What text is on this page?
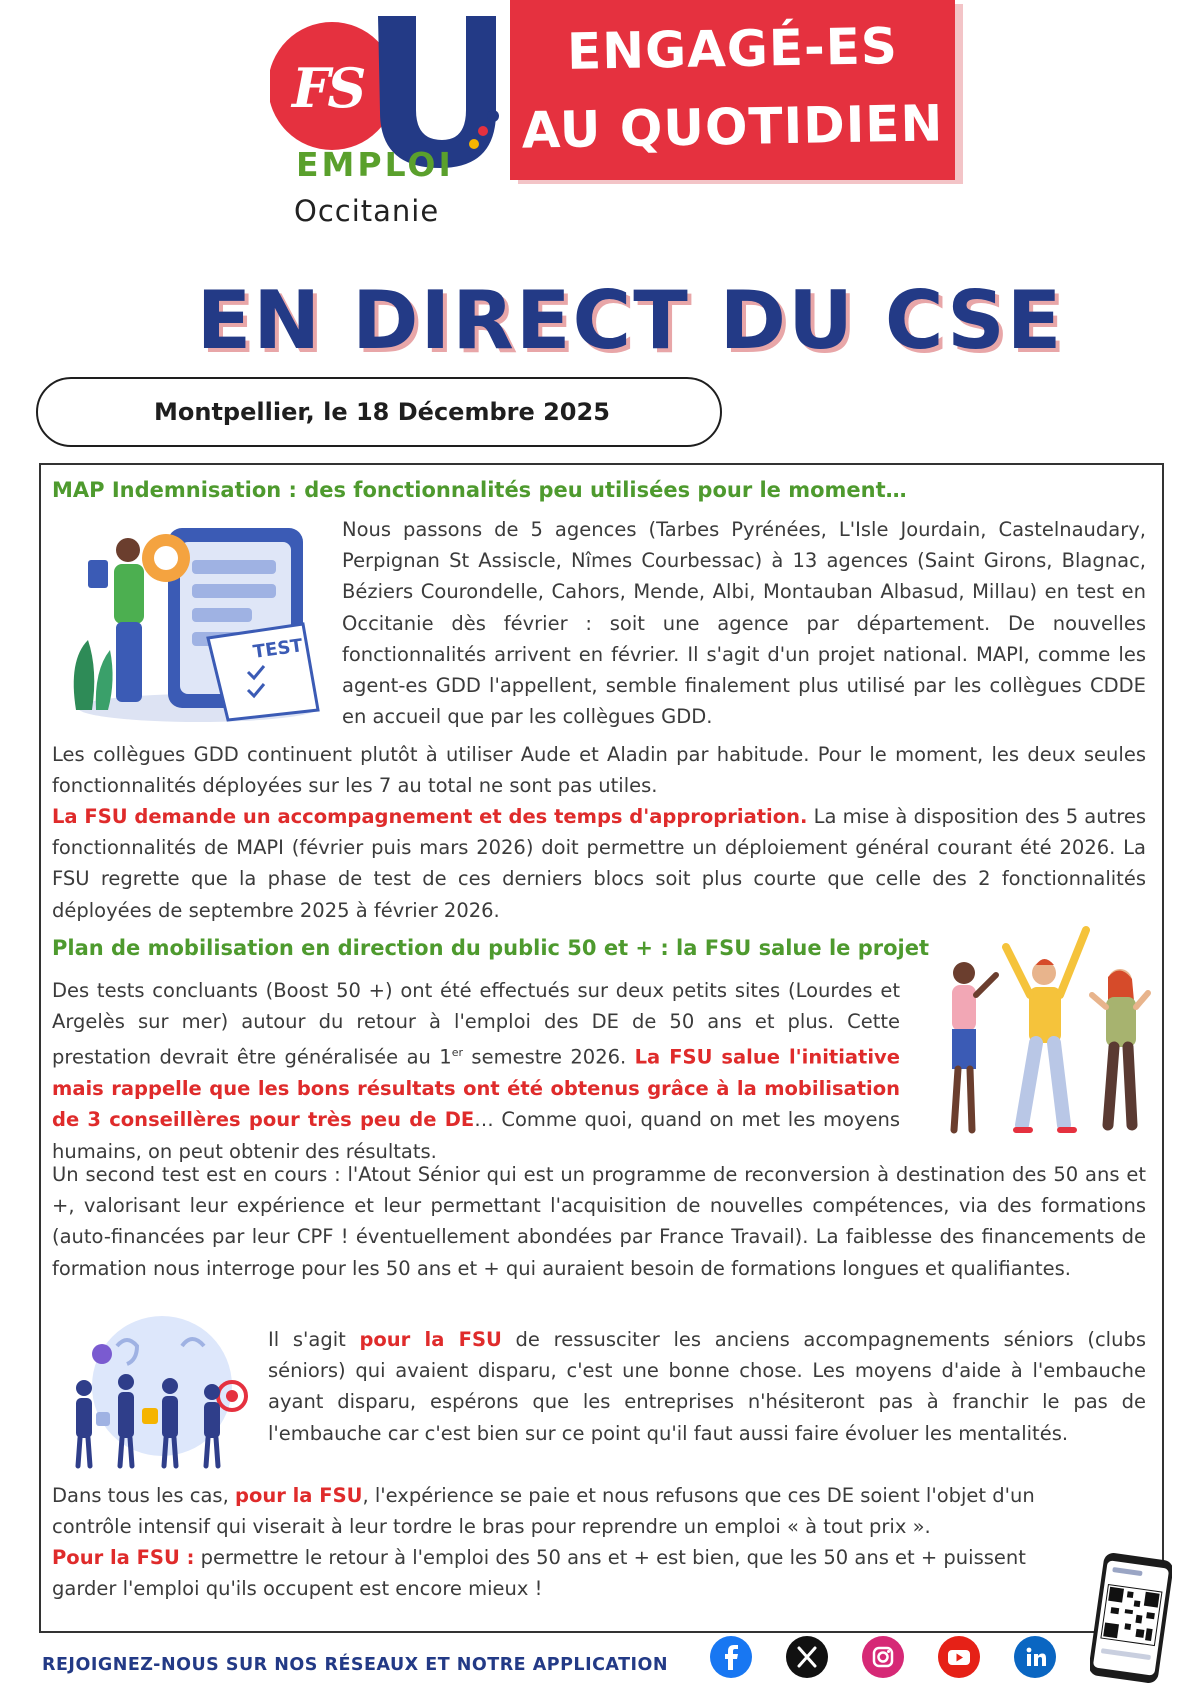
FS
EMPLOI
Occitanie
ENGAGÉ-ES
AU QUOTIDIEN
EN DIRECT DU CSE
Montpellier, le 18 Décembre 2025
MAP Indemnisation : des fonctionnalités peu utilisées pour le moment…
TEST
Nous passons de 5 agences (Tarbes Pyrénées, L'Isle Jourdain, Castelnaudary, Perpignan St Assiscle, Nîmes Courbessac) à 13 agences (Saint Girons, Blagnac, Béziers Courondelle, Cahors, Mende, Albi, Montauban Albasud, Millau) en test en Occitanie dès février : soit une agence par département. De nouvelles fonctionnalités arrivent en février. Il s'agit d'un projet national. MAPI, comme les agent-es GDD l'appellent, semble finalement plus utilisé par les collègues CDDE en accueil que par les collègues GDD.
Les collègues GDD continuent plutôt à utiliser Aude et Aladin par habitude. Pour le moment, les deux seules fonctionnalités déployées sur les 7 au total ne sont pas utiles.
La FSU demande un accompagnement et des temps d'appropriation. La mise à disposition des 5 autres fonctionnalités de MAPI (février puis mars 2026) doit permettre un déploiement général courant été 2026. La FSU regrette que la phase de test de ces derniers blocs soit plus courte que celle des 2 fonctionnalités déployées de septembre 2025 à février 2026.
Plan de mobilisation en direction du public 50 et + : la FSU salue le projet
Des tests concluants (Boost 50 +) ont été effectués sur deux petits sites (Lourdes et Argelès sur mer) autour du retour à l'emploi des DE de 50 ans et plus. Cette prestation devrait être généralisée au 1er semestre 2026. La FSU salue l'initiative mais rappelle que les bons résultats ont été obtenus grâce à la mobilisation de 3 conseillères pour très peu de DE… Comme quoi, quand on met les moyens humains, on peut obtenir des résultats.
Un second test est en cours : l'Atout Sénior qui est un programme de reconversion à destination des 50 ans et +, valorisant leur expérience et leur permettant l'acquisition de nouvelles compétences, via des formations (auto-financées par leur CPF ! éventuellement abondées par France Travail). La faiblesse des financements de formation nous interroge pour les 50 ans et + qui auraient besoin de formations longues et qualifiantes.
Il s'agit pour la FSU de ressusciter les anciens accompagnements séniors (clubs séniors) qui avaient disparu, c'est une bonne chose. Les moyens d'aide à l'embauche ayant disparu, espérons que les entreprises n'hésiteront pas à franchir le pas de l'embauche car c'est bien sur ce point qu'il faut aussi faire évoluer les mentalités.
Dans tous les cas, pour la FSU, l'expérience se paie et nous refusons que ces DE soient l'objet d'un contrôle intensif qui viserait à leur tordre le bras pour reprendre un emploi « à tout prix ».
Pour la FSU : permettre le retour à l'emploi des 50 ans et + est bien, que les 50 ans et + puissent garder l'emploi qu'ils occupent est encore mieux !
REJOIGNEZ-NOUS SUR NOS RÉSEAUX ET NOTRE APPLICATION
